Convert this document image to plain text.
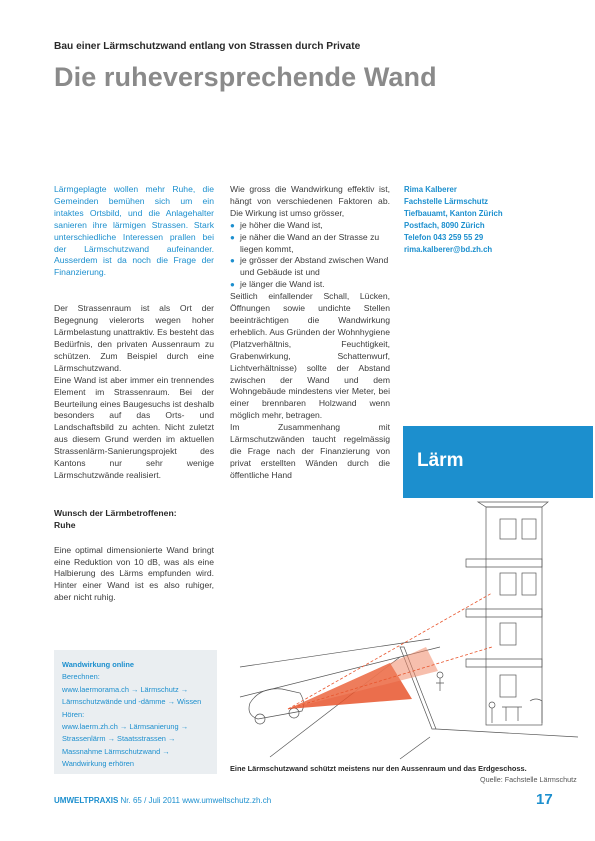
Bau einer Lärmschutzwand entlang von Strassen durch Private
Die ruheversprechende Wand

Lärmgeplagte wollen mehr Ruhe, die Gemeinden bemühen sich um ein intaktes Ortsbild, und die Anlagehalter sanieren ihre lärmigen Strassen. Stark unterschiedliche Interessen prallen bei der Lärmschutzwand aufeinander. Ausserdem ist da noch die Frage der Finanzierung.

Der Strassenraum ist als Ort der Begegnung vielerorts wegen hoher Lärmbelastung unattraktiv. Es besteht das Bedürfnis, den privaten Aussenraum zu schützen. Zum Beispiel durch eine Lärmschutzwand.

Eine Wand ist aber immer ein trennendes Element im Strassenraum. Bei der Beurteilung eines Baugesuchs ist deshalb besonders auf das Orts- und Landschaftsbild zu achten. Nicht zuletzt aus diesem Grund werden im aktuellen Strassenlärm-Sanierungsprojekt des Kantons nur sehr wenige Lärmschutzwände realisiert.

Wunsch der Lärmbetroffenen:
Ruhe

Eine optimal dimensionierte Wand bringt eine Reduktion von 10 dB, was als eine Halbierung des Lärms empfunden wird. Hinter einer Wand ist es also ruhiger, aber nicht ruhig.

Wandwirkung online
Berechnen:
www.laermorama.ch → Lärmschutz → Lärmschutzwände und -dämme → Wissen
Hören:
www.laerm.zh.ch → Lärmsanierung → Strassenlärm → Staatsstrassen → Massnahme Lärmschutzwand → Wandwirkung erhören

Wie gross die Wandwirkung effektiv ist, hängt von verschiedenen Faktoren ab. Die Wirkung ist umso grösser,

● je höher die Wand ist,
● je näher die Wand an der Strasse zu liegen kommt,
● je grösser der Abstand zwischen Wand und Gebäude ist und
● je länger die Wand ist.

Seitlich einfallender Schall, Lücken, Öffnungen sowie undichte Stellen beeinträchtigen die Wandwirkung erheblich. Aus Gründen der Wohnhygiene (Platzverhältnis, Feuchtigkeit, Grabenwirkung, Schattenwurf, Lichtverhältnisse) sollte der Abstand zwischen der Wand und dem Wohngebäude mindestens vier Meter, bei einer brennbaren Holzwand wenn möglich mehr, betragen.

Im Zusammenhang mit Lärmschutzwänden taucht regelmässig die Frage nach der Finanzierung von privat erstellten Wänden durch die öffentliche Hand

Rima Kalberer
Fachstelle Lärmschutz
Tiefbauamt, Kanton Zürich
Postfach, 8090 Zürich
Telefon 043 259 55 29
rima.kalberer@bd.zh.ch
Lärm
Eine Lärmschutzwand schützt meistens nur den Aussenraum und das Erdgeschoss.
Quelle: Fachstelle Lärmschutz
UMWELTPRAXIS Nr. 65 / Juli 2011 www.umweltschutz.zh.ch	17
